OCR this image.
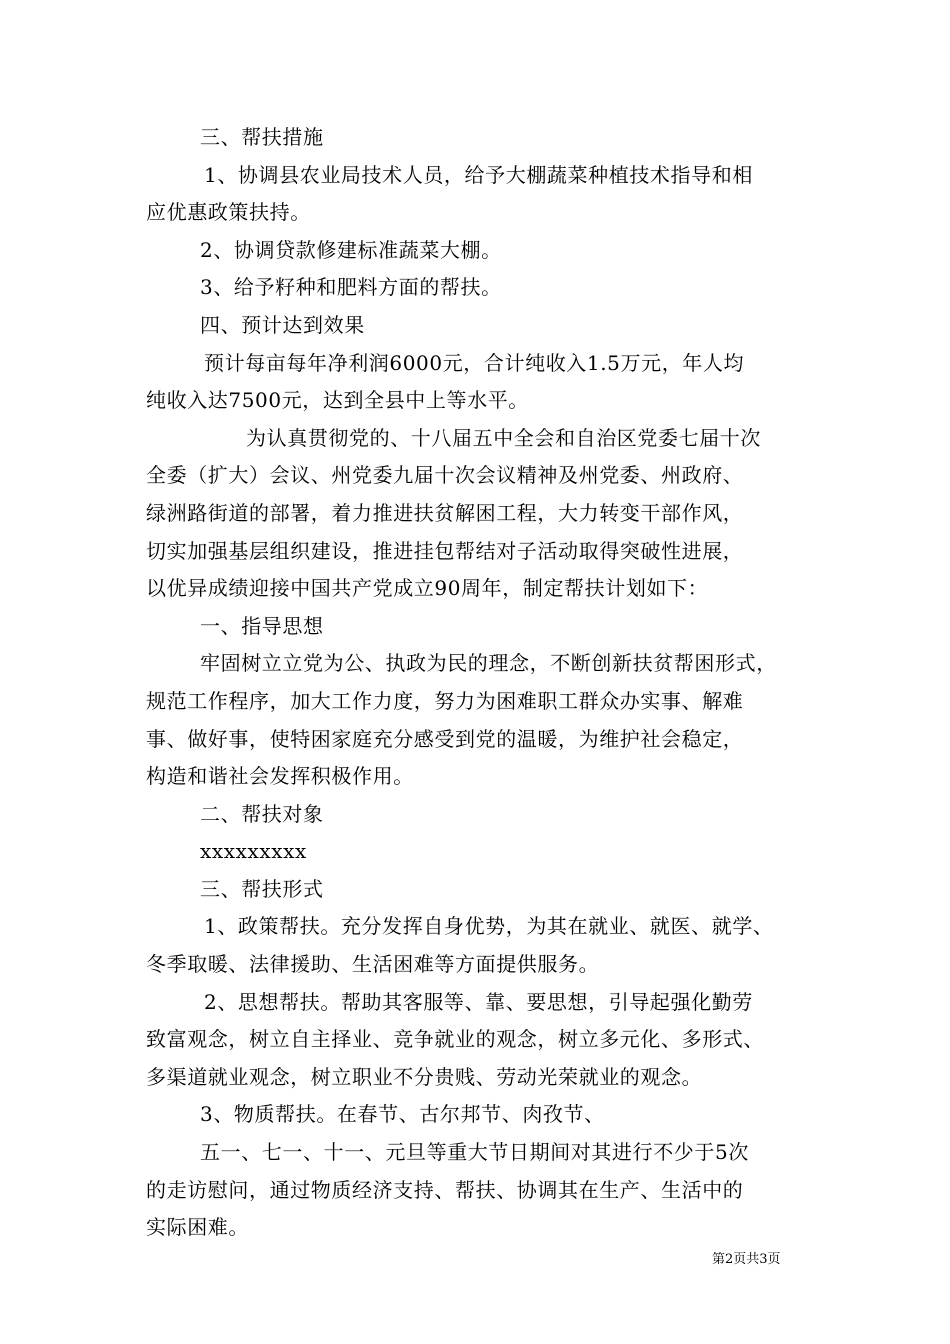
三、帮扶措施
1、协调县农业局技术人员，给予大棚蔬菜种植技术指导和相
应优惠政策扶持。
2、协调贷款修建标准蔬菜大棚。
3、给予籽种和肥料方面的帮扶。
四、预计达到效果
预计每亩每年净利润6000元，合计纯收入1.5万元，年人均
纯收入达7500元，达到全县中上等水平。
为认真贯彻党的、十八届五中全会和自治区党委七届十次
全委（扩大）会议、州党委九届十次会议精神及州党委、州政府、
绿洲路街道的部署，着力推进扶贫解困工程，大力转变干部作风，
切实加强基层组织建设，推进挂包帮结对子活动取得突破性进展，
以优异成绩迎接中国共产党成立90周年，制定帮扶计划如下：
一、指导思想
牢固树立立党为公、执政为民的理念，不断创新扶贫帮困形式，
规范工作程序，加大工作力度，努力为困难职工群众办实事、解难
事、做好事，使特困家庭充分感受到党的温暖，为维护社会稳定，
构造和谐社会发挥积极作用。
二、帮扶对象
xxxxxxxxx
三、帮扶形式
1、政策帮扶。充分发挥自身优势，为其在就业、就医、就学、
冬季取暖、法律援助、生活困难等方面提供服务。
2、思想帮扶。帮助其客服等、靠、要思想，引导起强化勤劳
致富观念，树立自主择业、竞争就业的观念，树立多元化、多形式、
多渠道就业观念，树立职业不分贵贱、劳动光荣就业的观念。
3、物质帮扶。在春节、古尔邦节、肉孜节、
五一、七一、十一、元旦等重大节日期间对其进行不少于5次
的走访慰问，通过物质经济支持、帮扶、协调其在生产、生活中的
实际困难。
第2页共3页
